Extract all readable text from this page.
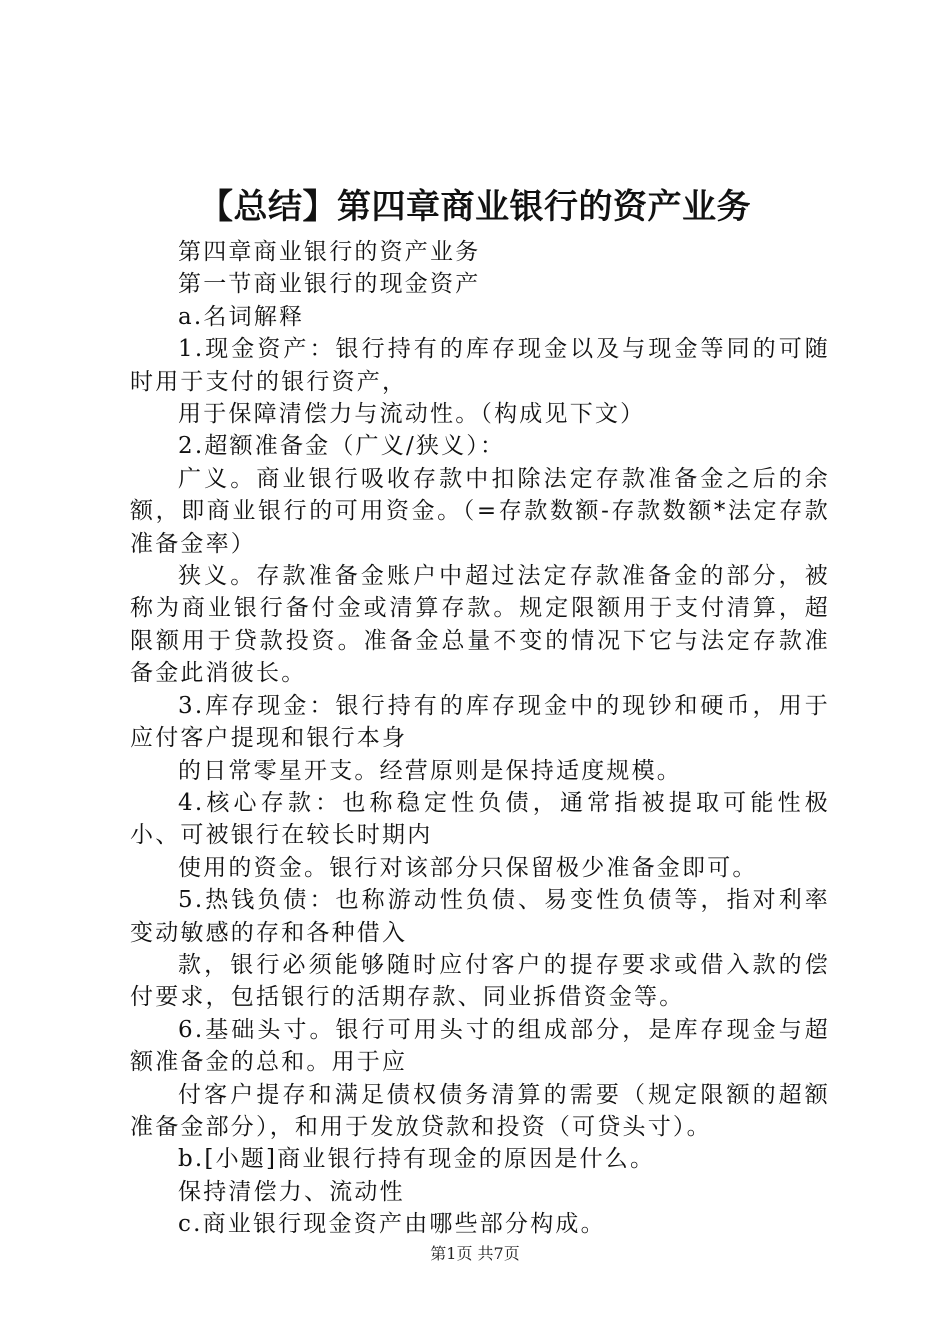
【总结】第四章商业银行的资产业务

第四章商业银行的资产业务

第一节商业银行的现金资产

a.名词解释

1.现金资产：银行持有的库存现金以及与现金等同的可随时用于支付的银行资产，

用于保障清偿力与流动性。（构成见下文）

2.超额准备金（广义/狭义）：

广义。商业银行吸收存款中扣除法定存款准备金之后的余额，即商业银行的可用资金。（=存款数额-存款数额*法定存款准备金率）

狭义。存款准备金账户中超过法定存款准备金的部分，被称为商业银行备付金或清算存款。规定限额用于支付清算，超限额用于贷款投资。准备金总量不变的情况下它与法定存款准备金此消彼长。

3.库存现金：银行持有的库存现金中的现钞和硬币，用于应付客户提现和银行本身

的日常零星开支。经营原则是保持适度规模。

4.核心存款：也称稳定性负债，通常指被提取可能性极小、可被银行在较长时期内

使用的资金。银行对该部分只保留极少准备金即可。

5.热钱负债：也称游动性负债、易变性负债等，指对利率变动敏感的存和各种借入

款，银行必须能够随时应付客户的提存要求或借入款的偿付要求，包括银行的活期存款、同业拆借资金等。

6.基础头寸。银行可用头寸的组成部分，是库存现金与超额准备金的总和。用于应

付客户提存和满足债权债务清算的需要（规定限额的超额准备金部分），和用于发放贷款和投资（可贷头寸）。

b.[小题]商业银行持有现金的原因是什么。

保持清偿力、流动性

c.商业银行现金资产由哪些部分构成。

第1页 共7页
